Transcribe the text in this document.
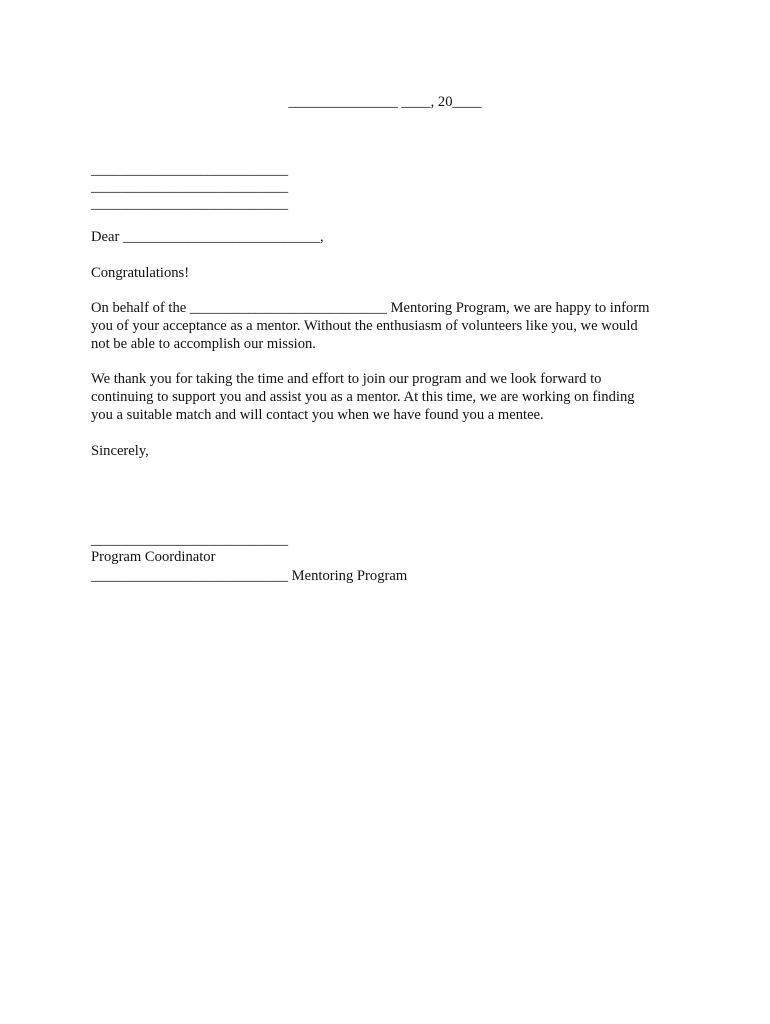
_______________ ____, 20____
___________________________
___________________________
___________________________
Dear ___________________________,
Congratulations!
On behalf of the ___________________________ Mentoring Program, we are happy to inform
you of your acceptance as a mentor. Without the enthusiasm of volunteers like you, we would
not be able to accomplish our mission.
We thank you for taking the time and effort to join our program and we look forward to
continuing to support you and assist you as a mentor. At this time, we are working on finding
you a suitable match and will contact you when we have found you a mentee.
Sincerely,
___________________________
Program Coordinator
___________________________ Mentoring Program
